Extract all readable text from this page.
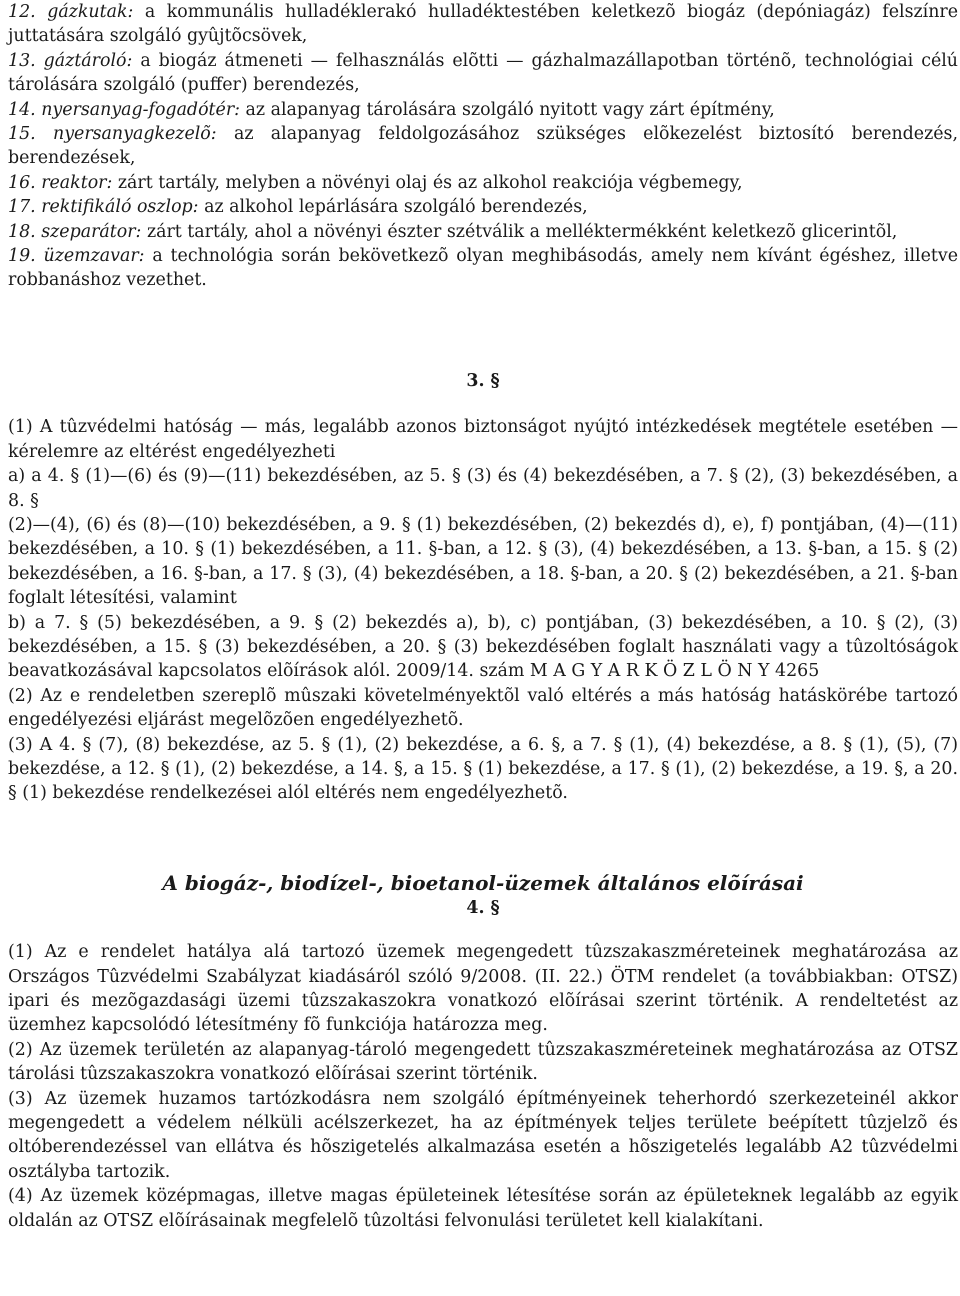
12. gázkutak: a kommunális hulladéklerakó hulladéktestében keletkezõ biogáz (depóniagáz) felszínre juttatására szolgáló gyûjtõcsövek,

13. gáztároló: a biogáz átmeneti — felhasználás elõtti — gázhalmazállapotban történõ, technológiai célú tárolására szolgáló (puffer) berendezés,

14. nyersanyag-fogadótér: az alapanyag tárolására szolgáló nyitott vagy zárt építmény,

15. nyersanyagkezelõ: az alapanyag feldolgozásához szükséges elõkezelést biztosító berendezés, berendezések,

16. reaktor: zárt tartály, melyben a növényi olaj és az alkohol reakciója végbemegy,

17. rektifikáló oszlop: az alkohol lepárlására szolgáló berendezés,

18. szeparátor: zárt tartály, ahol a növényi észter szétválik a melléktermékként keletkezõ glicerintõl,

19. üzemzavar: a technológia során bekövetkezõ olyan meghibásodás, amely nem kívánt égéshez, illetve robbanáshoz vezethet.

3. §

(1) A tûzvédelmi hatóság — más, legalább azonos biztonságot nyújtó intézkedések megtétele esetében — kérelemre az eltérést engedélyezheti

a) a 4. § (1)—(6) és (9)—(11) bekezdésében, az 5. § (3) és (4) bekezdésében, a 7. § (2), (3) bekezdésében, a 8. §

(2)—(4), (6) és (8)—(10) bekezdésében, a 9. § (1) bekezdésében, (2) bekezdés d), e), f) pontjában, (4)—(11) bekezdésében, a 10. § (1) bekezdésében, a 11. §-ban, a 12. § (3), (4) bekezdésében, a 13. §-ban, a 15. § (2) bekezdésében, a 16. §-ban, a 17. § (3), (4) bekezdésében, a 18. §-ban, a 20. § (2) bekezdésében, a 21. §-ban foglalt létesítési, valamint

b) a 7. § (5) bekezdésében, a 9. § (2) bekezdés a), b), c) pontjában, (3) bekezdésében, a 10. § (2), (3) bekezdésében, a 15. § (3) bekezdésében, a 20. § (3) bekezdésében foglalt használati vagy a tûzoltóságok beavatkozásával kapcsolatos elõírások alól. 2009/14. szám M A G Y A R K Ö Z L Ö N Y 4265

(2) Az e rendeletben szereplõ mûszaki követelményektõl való eltérés a más hatóság hatáskörébe tartozó engedélyezési eljárást megelõzõen engedélyezhetõ.

(3) A 4. § (7), (8) bekezdése, az 5. § (1), (2) bekezdése, a 6. §, a 7. § (1), (4) bekezdése, a 8. § (1), (5), (7) bekezdése, a 12. § (1), (2) bekezdése, a 14. §, a 15. § (1) bekezdése, a 17. § (1), (2) bekezdése, a 19. §, a 20. § (1) bekezdése rendelkezései alól eltérés nem engedélyezhetõ.

A biogáz-, biodízel-, bioetanol-üzemek általános elõírásai

4. §

(1) Az e rendelet hatálya alá tartozó üzemek megengedett tûzszakaszméreteinek meghatározása az Országos Tûzvédelmi Szabályzat kiadásáról szóló 9/2008. (II. 22.) ÖTM rendelet (a továbbiakban: OTSZ) ipari és mezõgazdasági üzemi tûzszakaszokra vonatkozó elõírásai szerint történik. A rendeltetést az üzemhez kapcsolódó létesítmény fõ funkciója határozza meg.

(2) Az üzemek területén az alapanyag-tároló megengedett tûzszakaszméreteinek meghatározása az OTSZ tárolási tûzszakaszokra vonatkozó elõírásai szerint történik.

(3) Az üzemek huzamos tartózkodásra nem szolgáló építményeinek teherhordó szerkezeteinél akkor megengedett a védelem nélküli acélszerkezet, ha az építmények teljes területe beépített tûzjelzõ és oltóberendezéssel van ellátva és hõszigetelés alkalmazása esetén a hõszigetelés legalább A2 tûzvédelmi osztályba tartozik.

(4) Az üzemek középmagas, illetve magas épületeinek létesítése során az épületeknek legalább az egyik oldalán az OTSZ elõírásainak megfelelõ tûzoltási felvonulási területet kell kialakítani.
